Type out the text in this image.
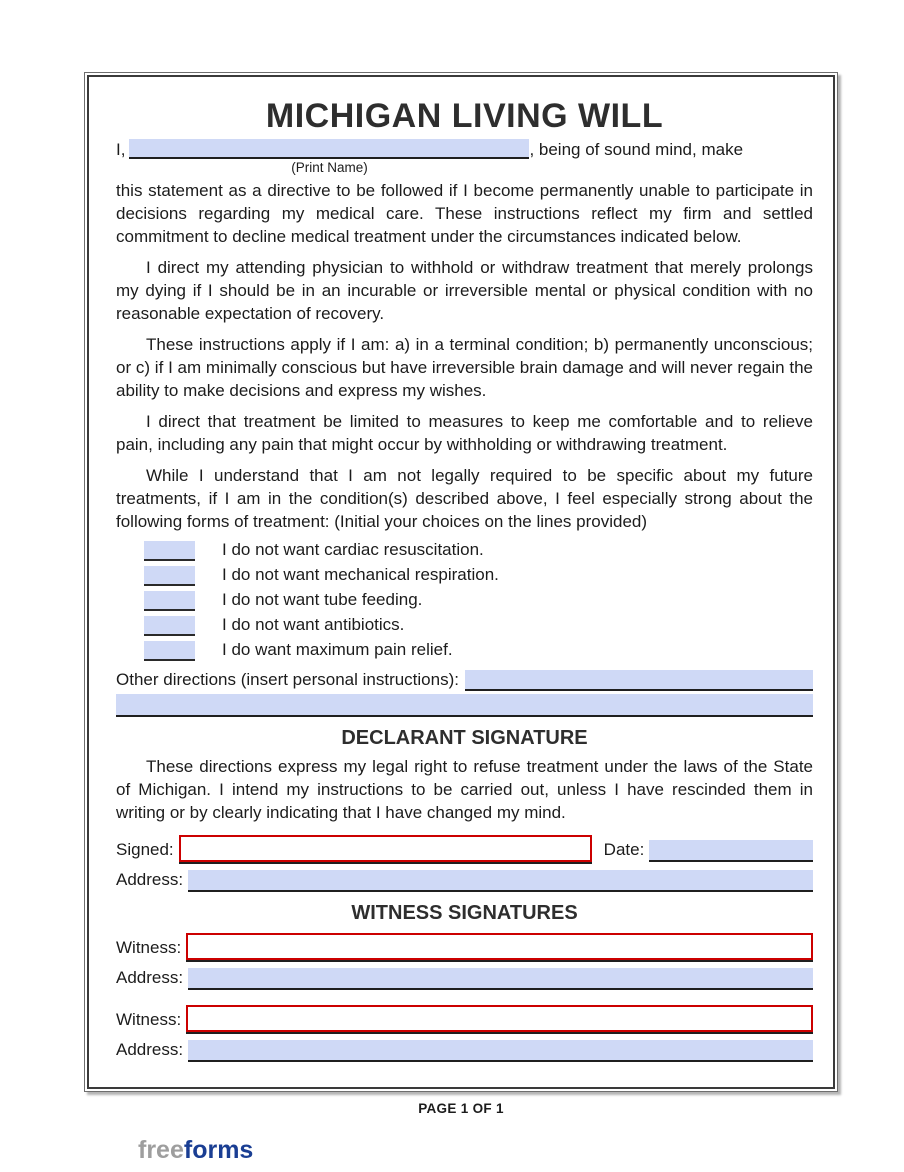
MICHIGAN LIVING WILL
I,
(Print Name)
, being of sound mind, make

this statement as a directive to be followed if I become permanently unable to participate in decisions regarding my medical care. These instructions reflect my firm and settled commitment to decline medical treatment under the circumstances indicated below.

I direct my attending physician to withhold or withdraw treatment that merely prolongs my dying if I should be in an incurable or irreversible mental or physical condition with no reasonable expectation of recovery.

These instructions apply if I am: a) in a terminal condition; b) permanently unconscious; or c) if I am minimally conscious but have irreversible brain damage and will never regain the ability to make decisions and express my wishes.

I direct that treatment be limited to measures to keep me comfortable and to relieve pain, including any pain that might occur by withholding or withdrawing treatment.

While I understand that I am not legally required to be specific about my future treatments, if I am in the condition(s) described above, I feel especially strong about the following forms of treatment: (Initial your choices on the lines provided)

I do not want cardiac resuscitation.
I do not want mechanical respiration.
I do not want tube feeding.
I do not want antibiotics.
I do want maximum pain relief.
Other directions (insert personal instructions):
DECLARANT SIGNATURE

These directions express my legal right to refuse treatment under the laws of the State of Michigan. I intend my instructions to be carried out, unless I have rescinded them in writing or by clearly indicating that I have changed my mind.

Signed:	Date:
Address:
WITNESS SIGNATURES
Witness:
Address:
Witness:
Address:
PAGE 1 OF 1
freeforms
